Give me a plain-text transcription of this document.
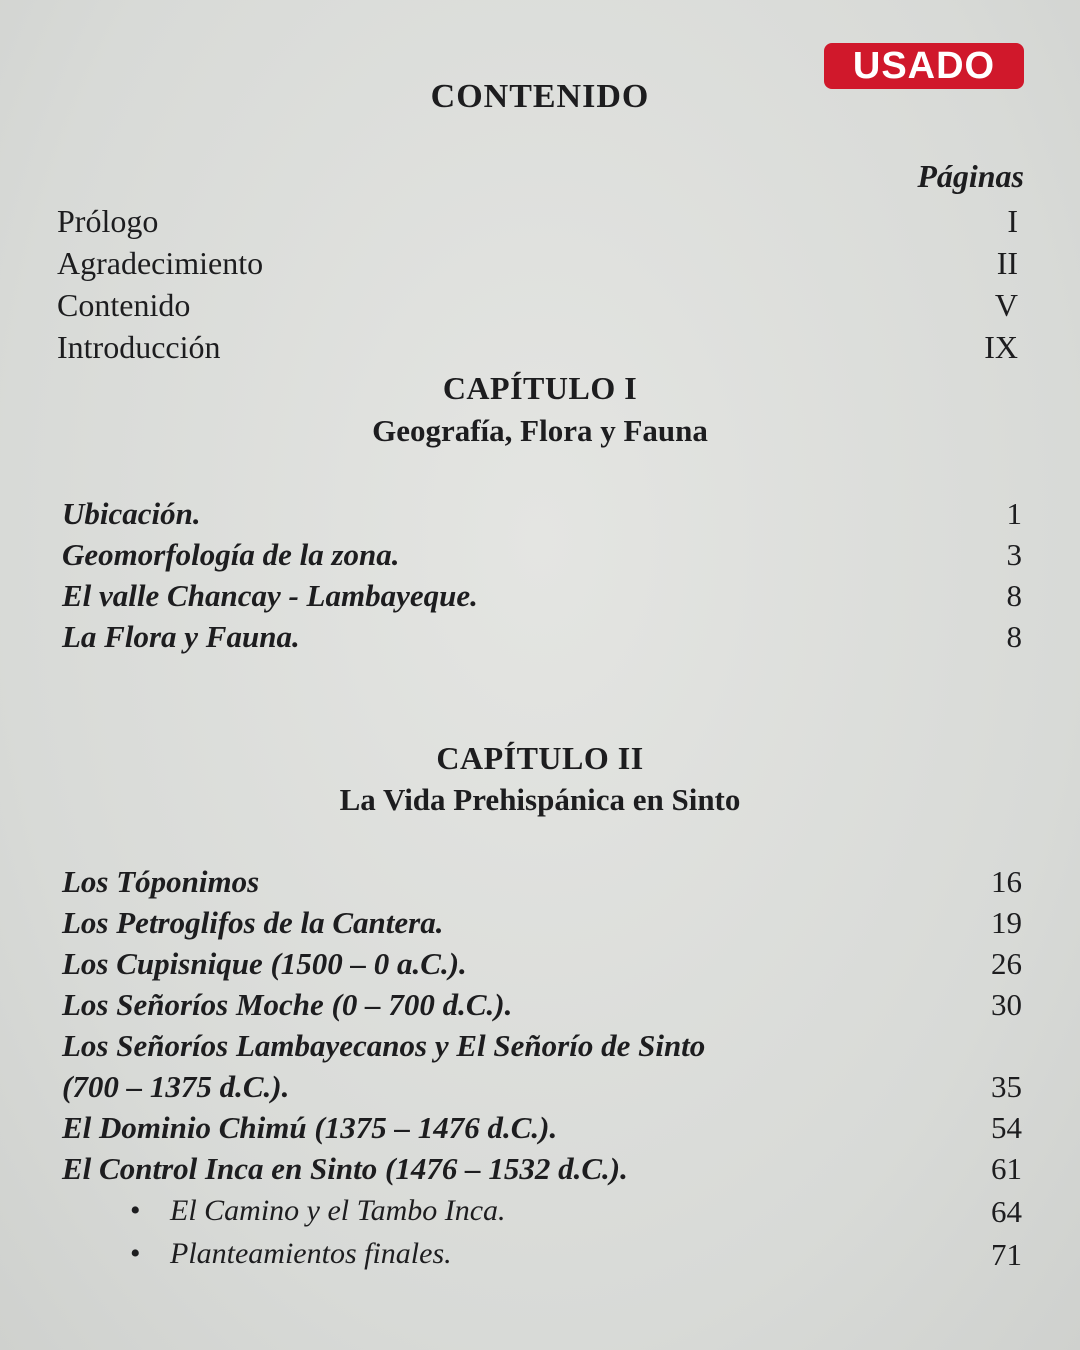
USADO
CONTENIDO
Páginas
Prólogo	I
Agradecimiento	II
Contenido	V
Introducción	IX
CAPÍTULO I
Geografía, Flora y Fauna
Ubicación.	1
Geomorfología de la zona.	3
El valle Chancay - Lambayeque.	8
La Flora y Fauna.	8
CAPÍTULO II
La Vida Prehispánica en Sinto
Los Tóponimos	16
Los Petroglifos de la Cantera.	19
Los Cupisnique (1500 – 0 a.C.).	26
Los Señoríos Moche (0 – 700 d.C.).	30
Los Señoríos Lambayecanos y El Señorío de Sinto
(700 – 1375 d.C.).	35
El Dominio Chimú (1375 – 1476 d.C.).	54
El Control Inca en Sinto (1476 – 1532 d.C.).	61
• El Camino y el Tambo Inca.	64
• Planteamientos finales.	71
